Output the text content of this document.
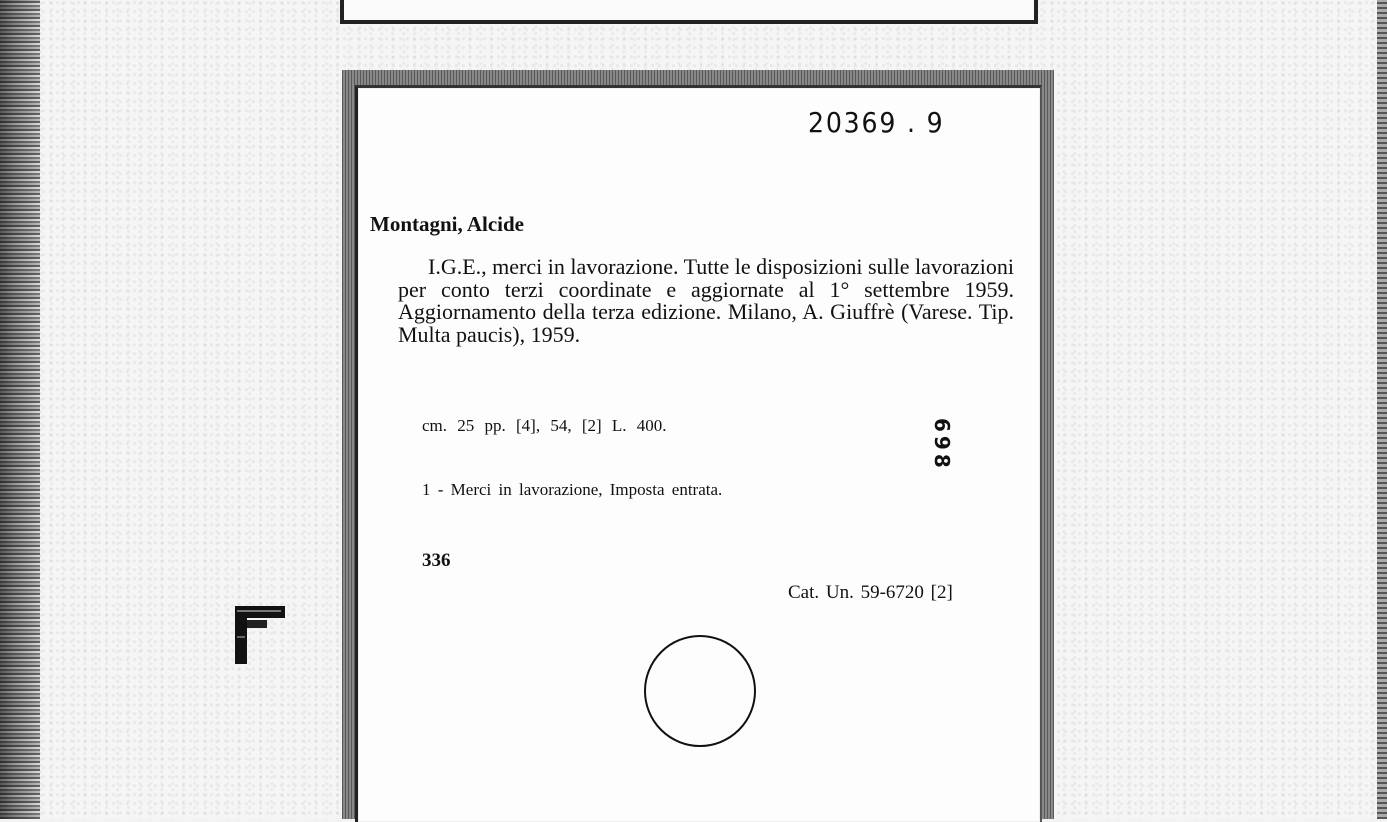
20369 . 9
Montagni, Alcide
I.G.E., merci in lavorazione. Tutte le disposizioni sulle lavorazioni per conto terzi coordinate e aggiornate al 1° settembre 1959. Aggiornamento della terza edizione. Milano, A. Giuffrè (Varese. Tip. Multa paucis), 1959.
cm. 25 pp. [4], 54, [2] L. 400.	698
1 - Merci in lavorazione, Imposta entrata.
336
Cat. Un. 59-6720 [2]
